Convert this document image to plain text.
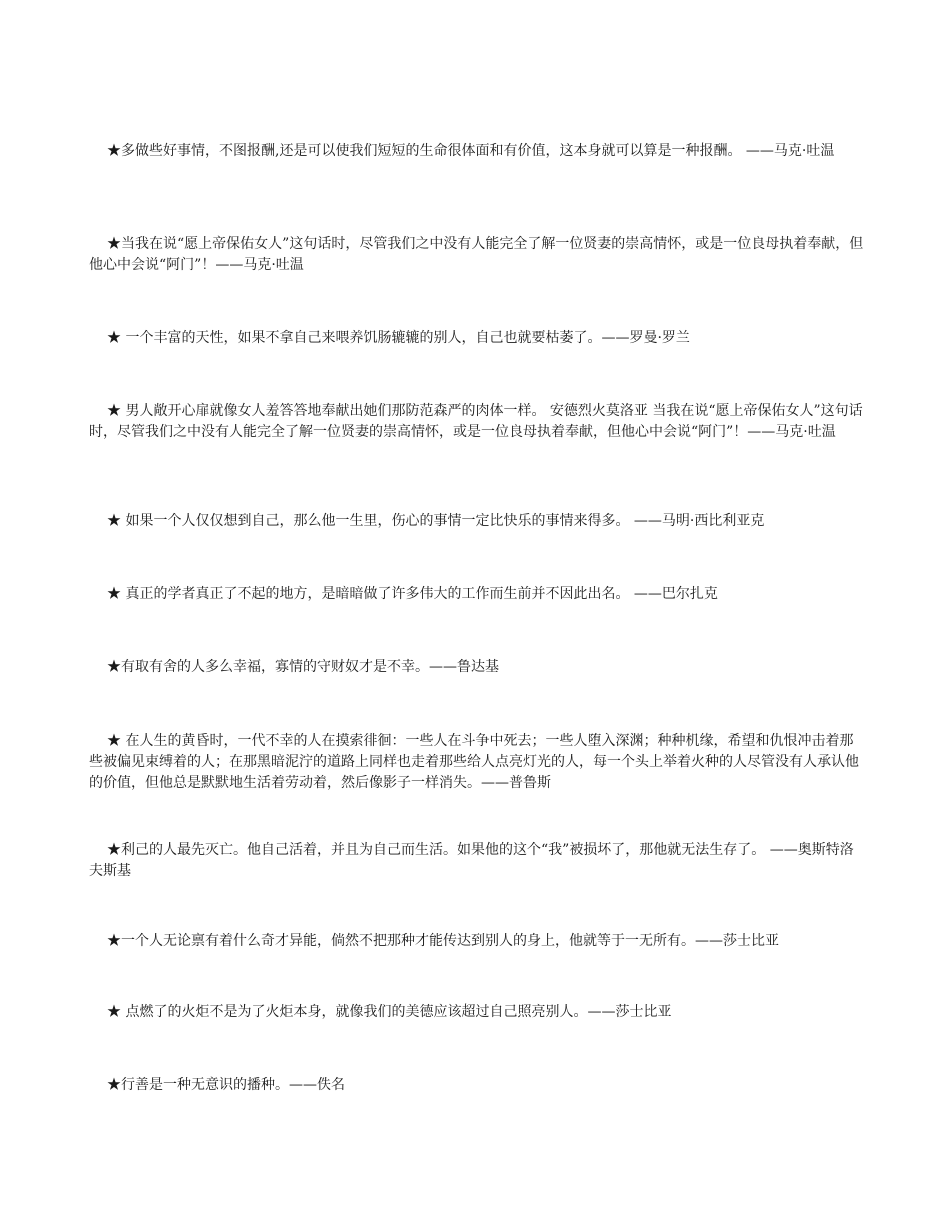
★多做些好事情，不图报酬,还是可以使我们短短的生命很体面和有价值，这本身就可以算是一种报酬。 ——马克·吐温

★当我在说“愿上帝保佑女人”这句话时，尽管我们之中没有人能完全了解一位贤妻的崇高情怀，或是一位良母执着奉献，但他心中会说“阿门”！——马克·吐温

★ 一个丰富的天性，如果不拿自己来喂养饥肠辘辘的别人，自己也就要枯萎了。——罗曼·罗兰

★ 男人敞开心扉就像女人羞答答地奉献出她们那防范森严的肉体一样。 安德烈火莫洛亚 当我在说“愿上帝保佑女人”这句话时，尽管我们之中没有人能完全了解一位贤妻的崇高情怀，或是一位良母执着奉献，但他心中会说“阿门”！——马克·吐温

★ 如果一个人仅仅想到自己，那么他一生里，伤心的事情一定比快乐的事情来得多。 ——马明·西比利亚克

★ 真正的学者真正了不起的地方，是暗暗做了许多伟大的工作而生前并不因此出名。 ——巴尔扎克

★有取有舍的人多么幸福，寡情的守财奴才是不幸。——鲁达基

★ 在人生的黄昏时，一代不幸的人在摸索徘徊：一些人在斗争中死去；一些人堕入深渊；种种机缘，希望和仇恨冲击着那些被偏见束缚着的人；在那黑暗泥泞的道路上同样也走着那些给人点亮灯光的人，每一个头上举着火种的人尽管没有人承认他的价值，但他总是默默地生活着劳动着，然后像影子一样消失。——普鲁斯

★利己的人最先灭亡。他自己活着，并且为自己而生活。如果他的这个“我”被损坏了，那他就无法生存了。 ——奥斯特洛夫斯基

★一个人无论禀有着什么奇才异能，倘然不把那种才能传达到别人的身上，他就等于一无所有。——莎士比亚

★ 点燃了的火炬不是为了火炬本身，就像我们的美德应该超过自己照亮别人。——莎士比亚

★行善是一种无意识的播种。——佚名
